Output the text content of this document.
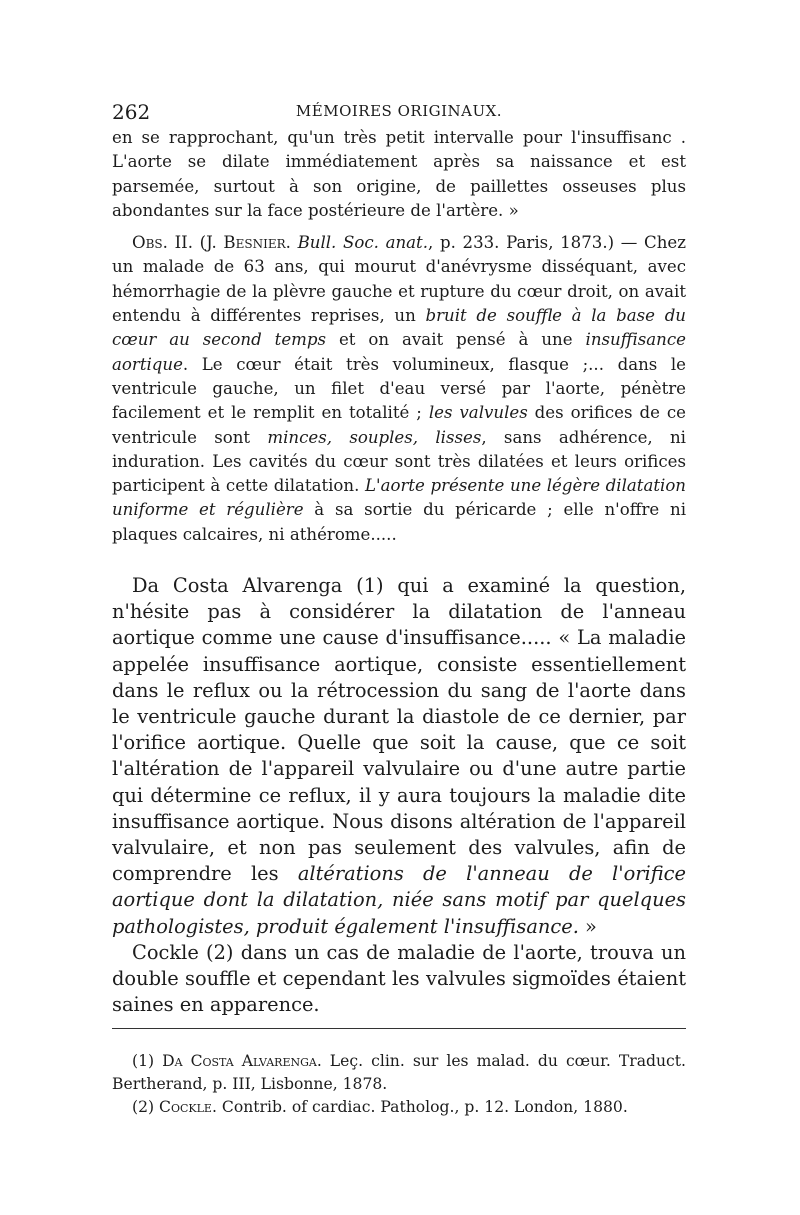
262	MÉMOIRES ORIGINAUX.

en se rapprochant, qu'un très petit intervalle pour l'insuffisanc . L'aorte se dilate immédiatement après sa naissance et est parsemée, surtout à son origine, de paillettes osseuses plus abondantes sur la face postérieure de l'artère. »

Obs. II. (J. Besnier. Bull. Soc. anat., p. 233. Paris, 1873.) — Chez un malade de 63 ans, qui mourut d'anévrysme disséquant, avec hémorrhagie de la plèvre gauche et rupture du cœur droit, on avait entendu à différentes reprises, un bruit de souffle à la base du cœur au second temps et on avait pensé à une insuffisance aortique. Le cœur était très volumineux, flasque ;... dans le ventricule gauche, un filet d'eau versé par l'aorte, pénètre facilement et le remplit en totalité ; les valvules des orifices de ce ventricule sont minces, souples, lisses, sans adhérence, ni induration. Les cavités du cœur sont très dilatées et leurs orifices participent à cette dilatation. L'aorte présente une légère dilatation uniforme et régulière à sa sortie du péricarde ; elle n'offre ni plaques calcaires, ni athérome.....

Da Costa Alvarenga (1) qui a examiné la question, n'hésite pas à considérer la dilatation de l'anneau aortique comme une cause d'insuffisance..... « La maladie appelée insuffisance aortique, consiste essentiellement dans le reflux ou la rétrocession du sang de l'aorte dans le ventricule gauche durant la diastole de ce dernier, par l'orifice aortique. Quelle que soit la cause, que ce soit l'altération de l'appareil valvulaire ou d'une autre partie qui détermine ce reflux, il y aura toujours la maladie dite insuffisance aortique. Nous disons altération de l'appareil valvulaire, et non pas seulement des valvules, afin de comprendre les altérations de l'anneau de l'orifice aortique dont la dilatation, niée sans motif par quelques pathologistes, produit également l'insuffisance. »

Cockle (2) dans un cas de maladie de l'aorte, trouva un double souffle et cependant les valvules sigmoïdes étaient saines en apparence.

(1) Da Costa Alvarenga. Leç. clin. sur les malad. du cœur. Traduct. Bertherand, p. III, Lisbonne, 1878.

(2) Cockle. Contrib. of cardiac. Patholog., p. 12. London, 1880.
